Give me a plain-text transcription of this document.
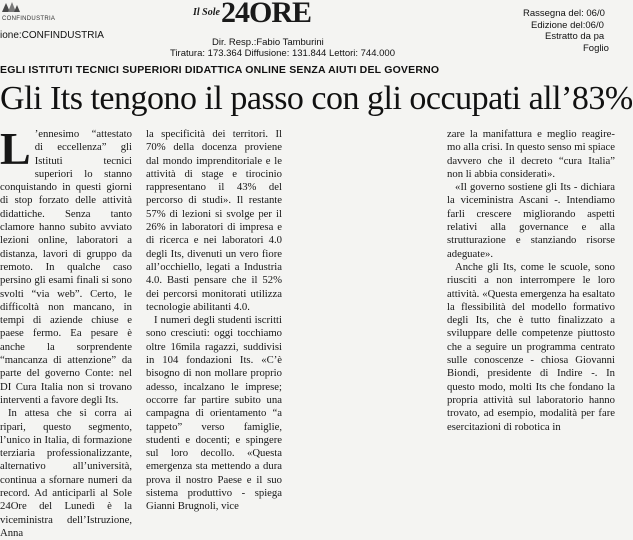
CONFINDUSTRIA
ione:CONFINDUSTRIA
Il Sole 24ORE
Dir. Resp.:Fabio Tamburini
Tiratura: 173.364 Diffusione: 131.844 Lettori: 744.000
Rassegna del: 06/0
Edizione del:06/0
Estratto da pa
Foglio
EGLI ISTITUTI TECNICI SUPERIORI DIDATTICA ONLINE SENZA AIUTI DEL GOVERNO
Gli Its tengono il passo con gli occupati all’83%
L ’ennesimo “attestato di eccellenza” gli Istituti tecnici superiori lo stanno conquistando in questi giorni di stop forzato delle attività didattiche. Senza tanto clamore hanno subito avviato lezioni online, laboratori a distanza, lavori di gruppo da remoto. In qualche caso persino gli esami finali si sono svolti “via web”. Certo, le difficoltà non mancano, in tempi di aziende chiuse e paese fermo. Ea pesare è anche la sorprendente “mancanza di attenzione” da parte del governo Conte: nel DI Cura Italia non si trovano interventi a favore degli Its.

In attesa che si corra ai ripari, questo segmento, l’unico in Italia, di formazione terziaria professionalizzante, alternativo all’università, continua a sfornare numeri da record. Ad anticiparli al Sole 24Ore del Lunedì è la viceministra dell’Istruzione, Anna

la specificità dei territori. Il 70% della docenza proviene dal mondo imprenditoriale e le attività di stage e tirocinio rappresentano il 43% del percorso di studi». Il restante 57% di lezioni si svolge per il 26% in laboratori di impresa e di ricerca e nei laboratori 4.0 degli Its, divenuti un vero fiore all’occhiello, legati a Industria 4.0. Basti pensare che il 52% dei percorsi monitorati utilizza tecnologie abilitanti 4.0.

I numeri degli studenti iscritti sono cresciuti: oggi tocchiamo oltre 16mila ragazzi, suddivisi in 104 fondazioni Its. «C’è bisogno di non mollare proprio adesso, incalzano le imprese; occorre far partire subito una campagna di orientamento “a tappeto” verso famiglie, studenti e docenti; e spingere sul loro decollo. «Questa emergenza sta mettendo a dura prova il nostro Paese e il suo sistema produttivo - spiega Gianni Brugnoli, vice

zare la manifattura e meglio reagire-mo alla crisi. In questo senso mi spiace davvero che il decreto “cura Italia” non li abbia considerati».

«Il governo sostiene gli Its - dichiara la viceministra Ascani -. Intendiamo farli crescere migliorando aspetti relativi alla governance e alla strutturazione e stanziando risorse adeguate».

Anche gli Its, come le scuole, sono riusciti a non interrompere le loro attività. «Questa emergenza ha esaltato la flessibilità del modello formativo degli Its, che è tutto finalizzato a sviluppare delle competenze piuttosto che a seguire un programma centrato sulle conoscenze - chiosa Giovanni Biondi, presidente di Indire -. In questo modo, molti Its che fondano la propria attività sul laboratorio hanno trovato, ad esempio, modalità per fare esercitazioni di robotica in
